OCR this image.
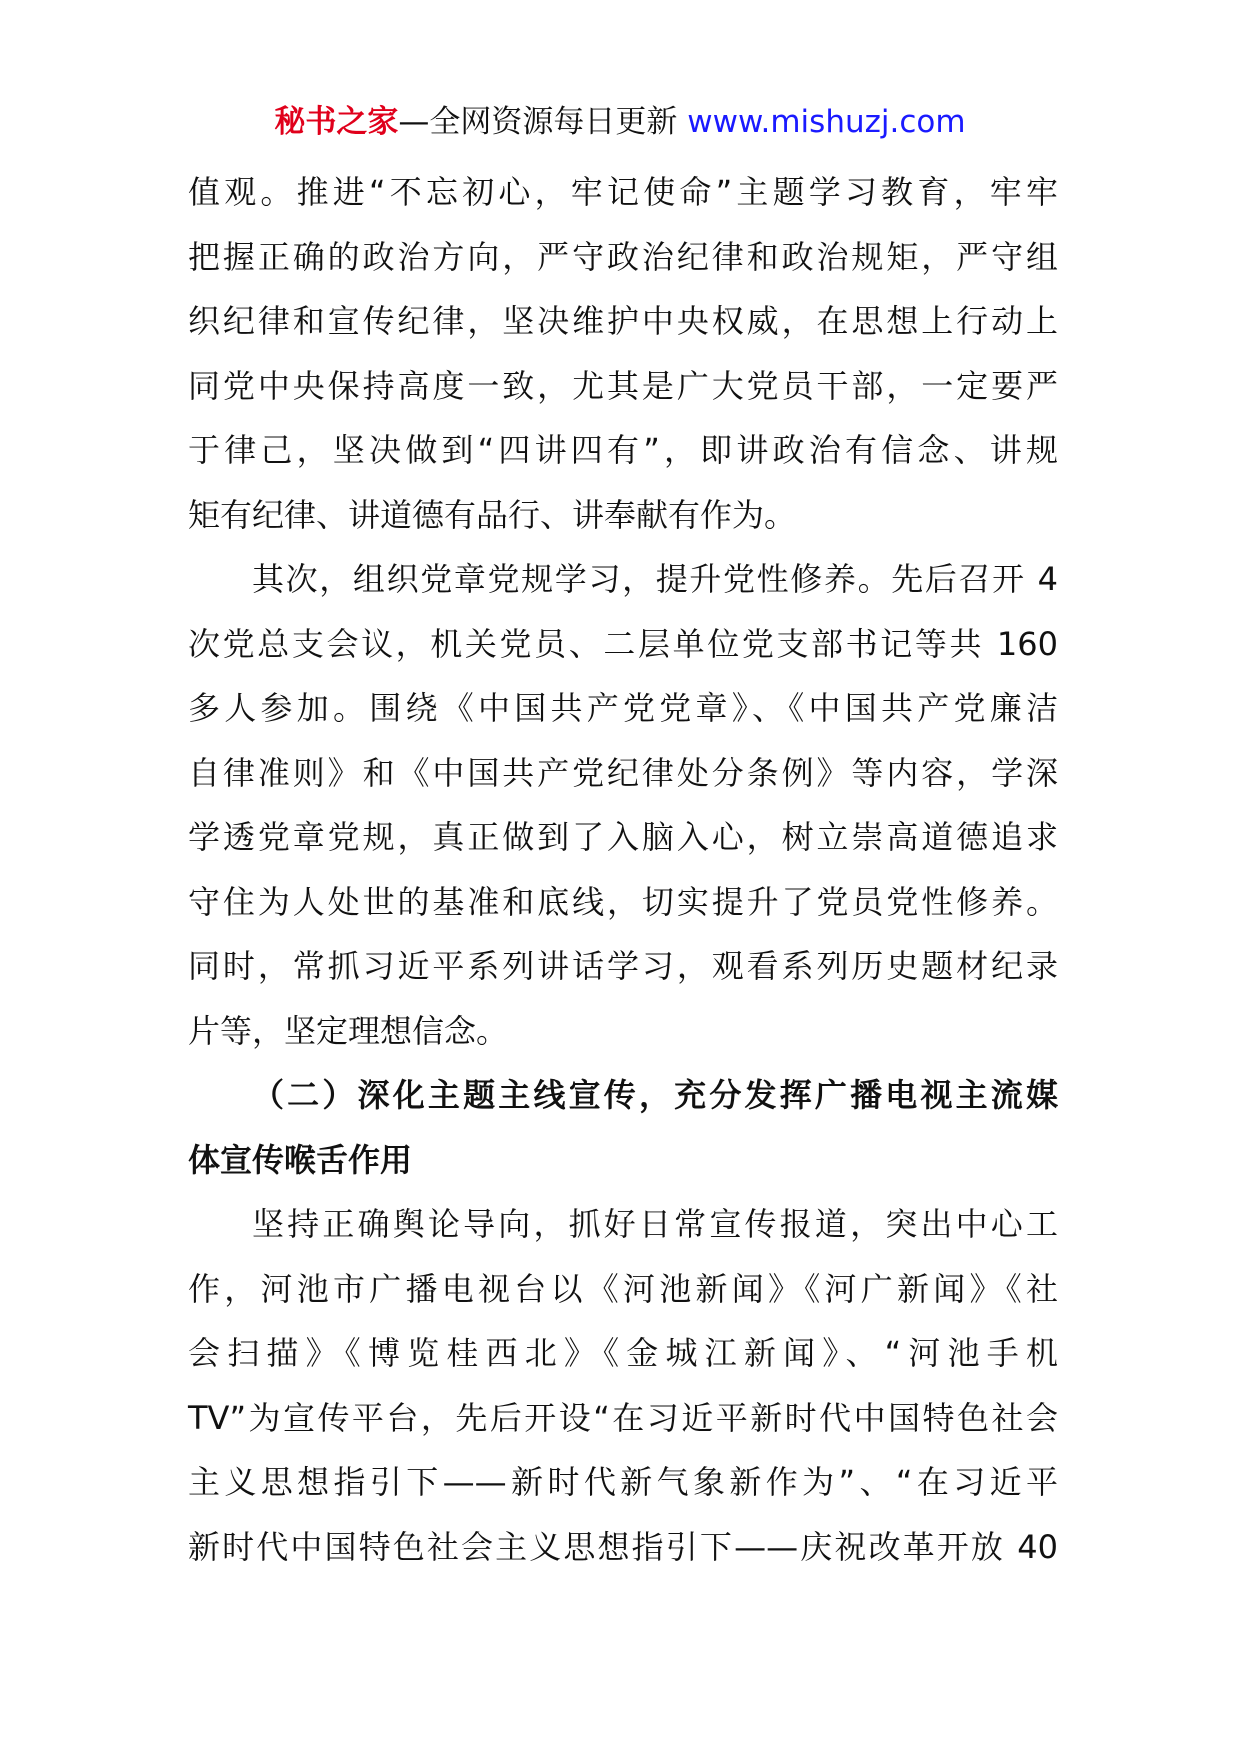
秘书之家—全网资源每日更新 www.mishuzj.com
值观。推进“不忘初心，牢记使命”主题学习教育，牢牢
把握正确的政治方向，严守政治纪律和政治规矩，严守组
织纪律和宣传纪律，坚决维护中央权威，在思想上行动上
同党中央保持高度一致，尤其是广大党员干部，一定要严
于律己，坚决做到“四讲四有”，即讲政治有信念、讲规
矩有纪律、讲道德有品行、讲奉献有作为。
其次，组织党章党规学习，提升党性修养。先后召开 4
次党总支会议，机关党员、二层单位党支部书记等共 160
多人参加。围绕《中国共产党党章》、《中国共产党廉洁
自律准则》和《中国共产党纪律处分条例》等内容，学深
学透党章党规，真正做到了入脑入心，树立崇高道德追求
守住为人处世的基准和底线，切实提升了党员党性修养。
同时，常抓习近平系列讲话学习，观看系列历史题材纪录
片等，坚定理想信念。
（二）深化主题主线宣传，充分发挥广播电视主流媒
体宣传喉舌作用
坚持正确舆论导向，抓好日常宣传报道，突出中心工
作，河池市广播电视台以《河池新闻》《河广新闻》《社
会扫描》《博览桂西北》《金城江新闻》、“河池手机
TV”为宣传平台，先后开设“在习近平新时代中国特色社会
主义思想指引下——新时代新气象新作为”、“在习近平
新时代中国特色社会主义思想指引下——庆祝改革开放 40
